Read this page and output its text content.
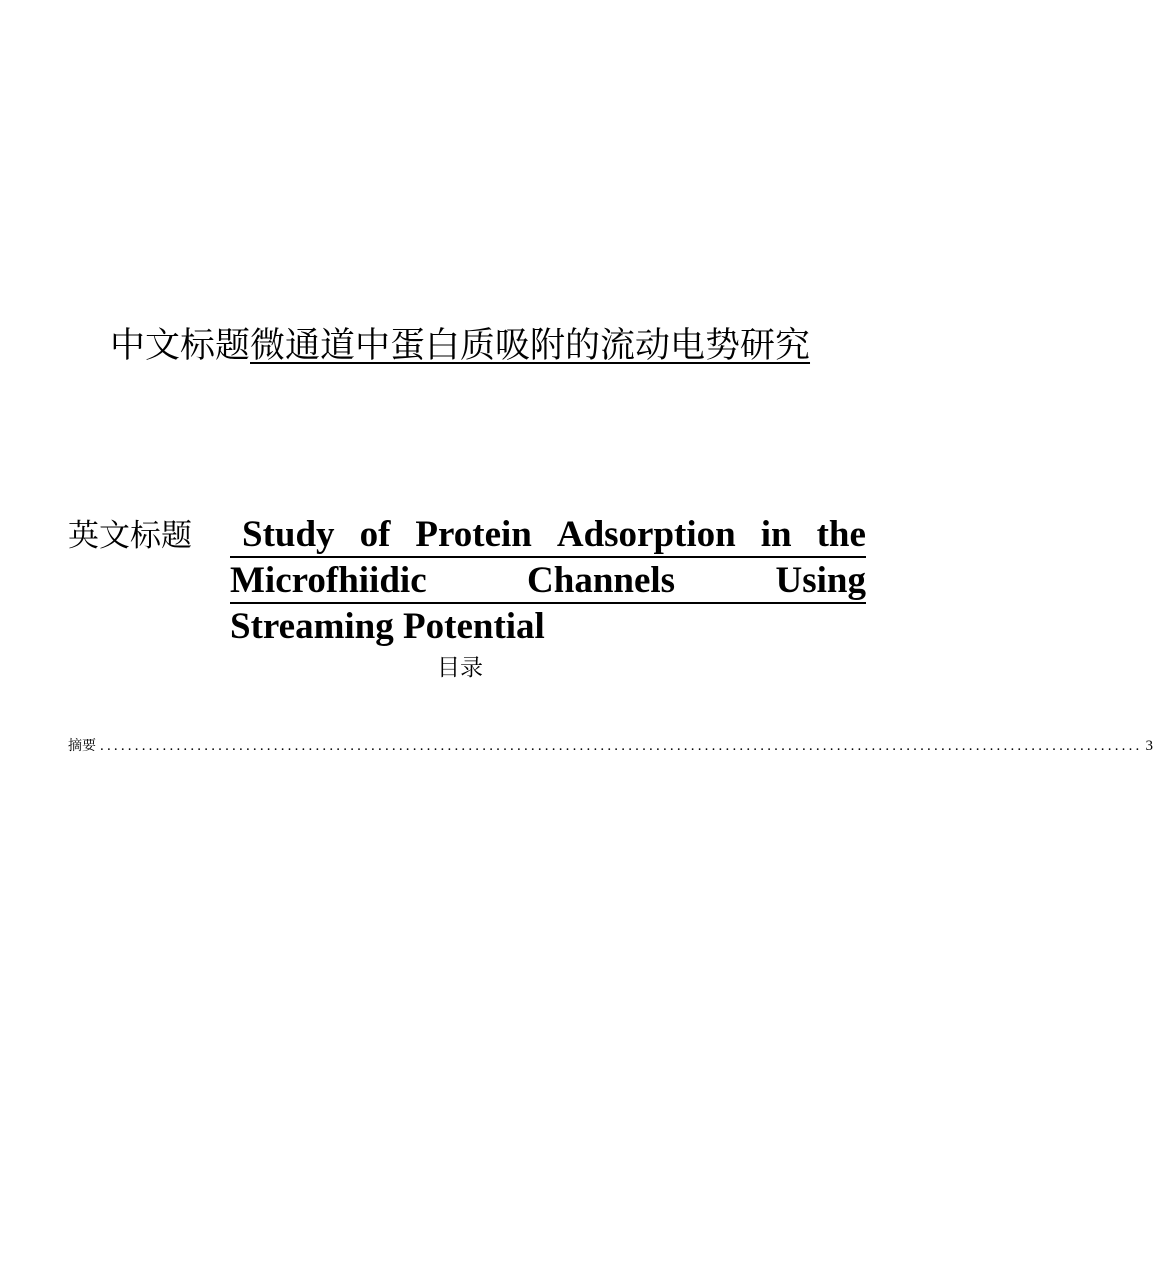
中文标题微通道中蛋白质吸附的流动电势研究
英文标题 Study of Protein Adsorption in the
Microfhiidic	Channels	Using
Streaming
Potential
目录
摘要 ...................................................................................................................................................... 3
